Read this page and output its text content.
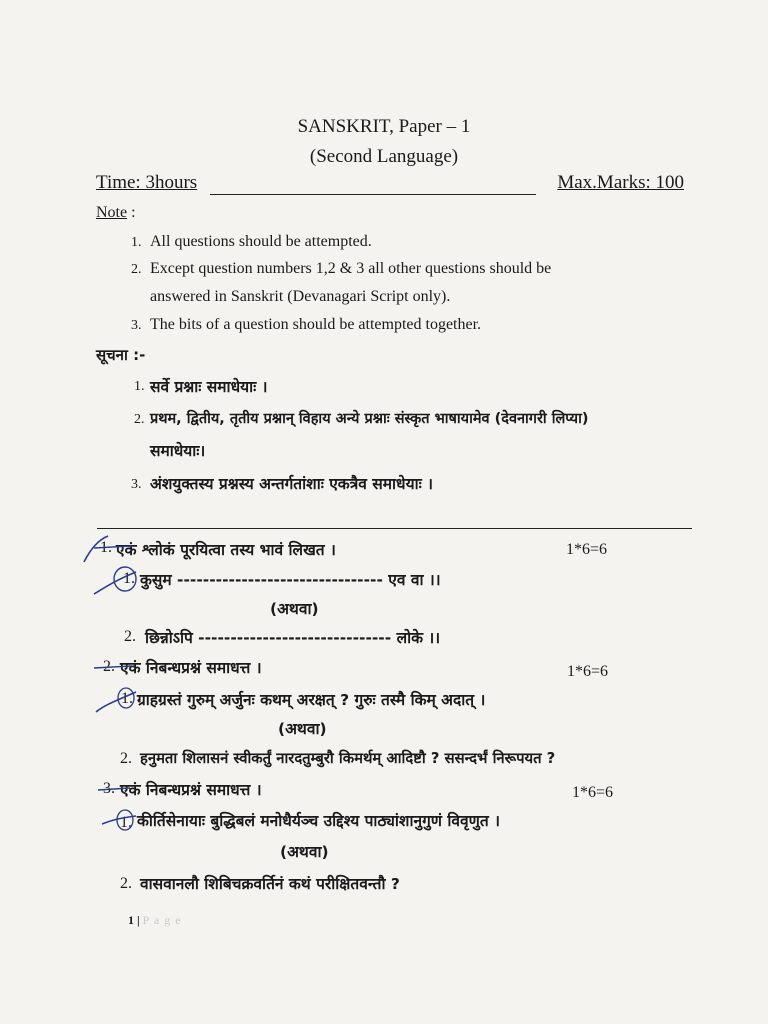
SANSKRIT, Paper – 1
(Second Language)
Time: 3hours	Max.Marks: 100
Note :
1. All questions should be attempted.
2. Except question numbers 1,2 & 3 all other questions should be
answered in Sanskrit (Devanagari Script only).
3. The bits of a question should be attempted together.
सूचना :-
1. सर्वे प्रश्नाः समाधेयाः ।
2. प्रथम, द्वितीय, तृतीय प्रश्नान् विहाय अन्ये प्रश्नाः संस्कृत भाषायामेव (देवनागरी लिप्या)
समाधेयाः।
3. अंशयुक्तस्य प्रश्नस्य अन्तर्गतांशाः एकत्रैव समाधेयाः ।
1. एकं श्लोकं पूरयित्वा तस्य भावं लिखत ।	1*6=6
1. कुसुम -------------------------------- एव वा ।।
(अथवा)
2. छिन्नोऽपि ------------------------------ लोके ।।
2. एकं निबन्धप्रश्नं समाधत्त ।	1*6=6
1. ग्राहग्रस्तं गुरुम् अर्जुनः कथम् अरक्षत् ? गुरुः तस्मै किम् अदात् ।
(अथवा)
2. हनुमता शिलासनं स्वीकर्तुं नारदतुम्बुरौ किमर्थम् आदिष्टौ ? ससन्दर्भं निरूपयत ?
3. एकं निबन्धप्रश्नं समाधत्त ।	1*6=6
1. कीर्तिसेनायाः बुद्धिबलं मनोधैर्यञ्च उद्दिश्य पाठ्यांशानुगुणं विवृणुत ।
(अथवा)
2. वासवानलौ शिबिचक्रवर्तिनं कथं परीक्षितवन्तौ ?
1 | P a g e
